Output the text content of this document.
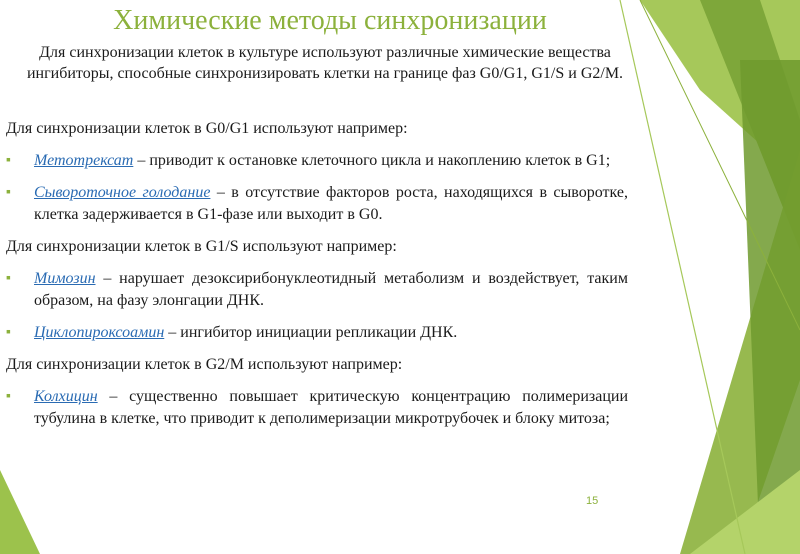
Химические методы синхронизации
Для синхронизации клеток в культуре используют различные химические вещества ингибиторы, способные синхронизировать клетки на границе фаз G0/G1, G1/S и G2/M.
Для синхронизации клеток в G0/G1 используют например:
▪ Метотрексат – приводит к остановке клеточного цикла и накоплению клеток в G1;
▪ Сывороточное голодание – в отсутствие факторов роста, находящихся в сыворотке, клетка задерживается в G1-фазе или выходит в G0.
Для синхронизации клеток в G1/S используют например:
▪ Мимозин – нарушает дезоксирибонуклеотидный метаболизм и воздействует, таким образом, на фазу элонгации ДНК.
▪ Циклопироксоамин – ингибитор инициации репликации ДНК.
Для синхронизации клеток в G2/M используют например:
▪ Колхицин – существенно повышает критическую концентрацию полимеризации тубулина в клетке, что приводит к деполимеризации микротрубочек и блоку митоза;
15
